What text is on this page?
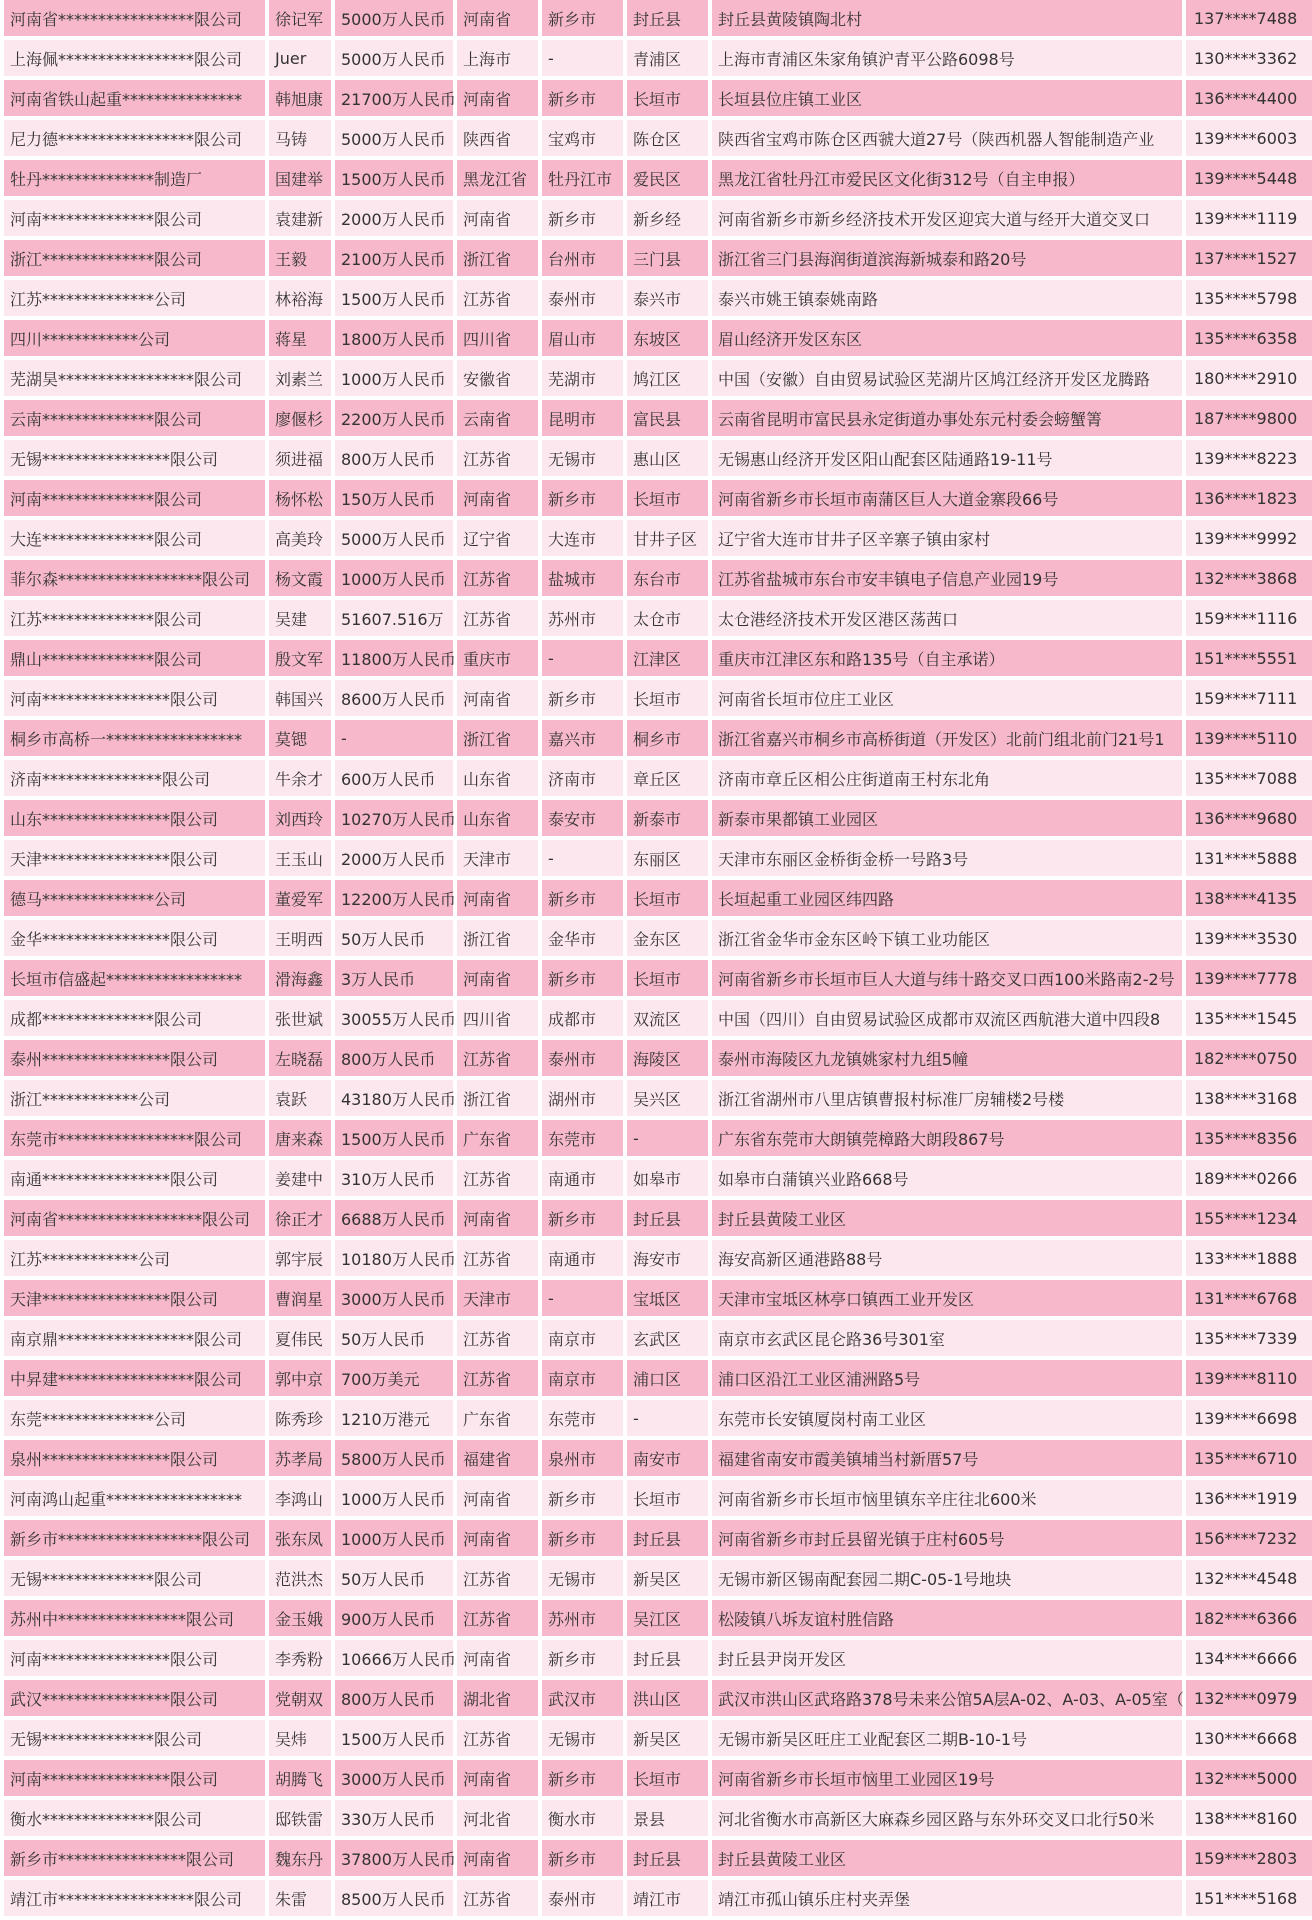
河南省*****************限公司	徐记军	5000万人民币	河南省	新乡市	封丘县	封丘县黄陵镇陶北村	137****7488
上海佩*****************限公司	Juer	5000万人民币	上海市	-	青浦区	上海市青浦区朱家角镇沪青平公路6098号	130****3362
河南省铁山起重***************	韩旭康	21700万人民币 河南省	新乡市	长垣市	长垣县位庄镇工业区	136****4400
尼力德*****************限公司	马铸	5000万人民币	陕西省	宝鸡市	陈仓区	陕西省宝鸡市陈仓区西虢大道27号（陕西机器人智能制造产业	139****6003
牡丹**************制造厂	国建举	1500万人民币	黑龙江省	牡丹江市	爱民区	黑龙江省牡丹江市爱民区文化街312号（自主申报）	139****5448
河南**************限公司	袁建新	2000万人民币	河南省	新乡市	新乡经	河南省新乡市新乡经济技术开发区迎宾大道与经开大道交叉口	139****1119
浙江**************限公司	王毅	2100万人民币	浙江省	台州市	三门县	浙江省三门县海润街道滨海新城泰和路20号	137****1527
江苏**************公司	林裕海	1500万人民币	江苏省	泰州市	泰兴市	泰兴市姚王镇泰姚南路	135****5798
四川************公司	蒋星	1800万人民币	四川省	眉山市	东坡区	眉山经济开发区东区	135****6358
芜湖昊*****************限公司	刘素兰	1000万人民币	安徽省	芜湖市	鸠江区	中国（安徽）自由贸易试验区芜湖片区鸠江经济开发区龙腾路	180****2910
云南**************限公司	廖偃杉	2200万人民币	云南省	昆明市	富民县	云南省昆明市富民县永定街道办事处东元村委会螃蟹箐	187****9800
无锡****************限公司	须进福	800万人民币	江苏省	无锡市	惠山区	无锡惠山经济开发区阳山配套区陆通路19-11号	139****8223
河南**************限公司	杨怀松	150万人民币	河南省	新乡市	长垣市	河南省新乡市长垣市南蒲区巨人大道金寨段66号	136****1823
大连**************限公司	高美玲	5000万人民币	辽宁省	大连市	甘井子区	辽宁省大连市甘井子区辛寨子镇由家村	139****9992
菲尔森******************限公司	杨文霞	1000万人民币	江苏省	盐城市	东台市	江苏省盐城市东台市安丰镇电子信息产业园19号	132****3868
江苏**************限公司	吴建	51607.516万	江苏省	苏州市	太仓市	太仓港经济技术开发区港区荡茜口	159****1116
鼎山**************限公司	殷文军	11800万人民币 重庆市	-	江津区	重庆市江津区东和路135号（自主承诺）	151****5551
河南****************限公司	韩国兴	8600万人民币	河南省	新乡市	长垣市	河南省长垣市位庄工业区	159****7111
桐乡市高桥一*****************	莫锶	-	浙江省	嘉兴市	桐乡市	浙江省嘉兴市桐乡市高桥街道（开发区）北前门组北前门21号1	139****5110
济南***************限公司	牛余才	600万人民币	山东省	济南市	章丘区	济南市章丘区相公庄街道南王村东北角	135****7088
山东****************限公司	刘西玲	10270万人民币 山东省	泰安市	新泰市	新泰市果都镇工业园区	136****9680
天津****************限公司	王玉山	2000万人民币	天津市	-	东丽区	天津市东丽区金桥街金桥一号路3号	131****5888
德马**************公司	董爱军	12200万人民币 河南省	新乡市	长垣市	长垣起重工业园区纬四路	138****4135
金华****************限公司	王明西	50万人民币	浙江省	金华市	金东区	浙江省金华市金东区岭下镇工业功能区	139****3530
长垣市信盛起*****************	滑海鑫	3万人民币	河南省	新乡市	长垣市	河南省新乡市长垣市巨人大道与纬十路交叉口西100米路南2-2号	139****7778
成都**************限公司	张世斌	30055万人民币 四川省	成都市	双流区	中国（四川）自由贸易试验区成都市双流区西航港大道中四段8	135****1545
泰州****************限公司	左晓磊	800万人民币	江苏省	泰州市	海陵区	泰州市海陵区九龙镇姚家村九组5幢	182****0750
浙江************公司	袁跃	43180万人民币 浙江省	湖州市	吴兴区	浙江省湖州市八里店镇曹报村标准厂房辅楼2号楼	138****3168
东莞市*****************限公司	唐来森	1500万人民币	广东省	东莞市	-	广东省东莞市大朗镇莞樟路大朗段867号	135****8356
南通****************限公司	姜建中	310万人民币	江苏省	南通市	如皋市	如皋市白蒲镇兴业路668号	189****0266
河南省******************限公司	徐正才	6688万人民币	河南省	新乡市	封丘县	封丘县黄陵工业区	155****1234
江苏************公司	郭宇辰	10180万人民币 江苏省	南通市	海安市	海安高新区通港路88号	133****1888
天津****************限公司	曹润星	3000万人民币	天津市	-	宝坻区	天津市宝坻区林亭口镇西工业开发区	131****6768
南京鼎*****************限公司	夏伟民	50万人民币	江苏省	南京市	玄武区	南京市玄武区昆仑路36号301室	135****7339
中昇建*****************限公司	郭中京	700万美元	江苏省	南京市	浦口区	浦口区沿江工业区浦洲路5号	139****8110
东莞**************公司	陈秀珍	1210万港元	广东省	东莞市	-	东莞市长安镇厦岗村南工业区	139****6698
泉州****************限公司	苏孝局	5800万人民币	福建省	泉州市	南安市	福建省南安市霞美镇埔当村新厝57号	135****6710
河南鸿山起重*****************	李鸿山	1000万人民币	河南省	新乡市	长垣市	河南省新乡市长垣市恼里镇东辛庄往北600米	136****1919
新乡市******************限公司	张东凤	1000万人民币	河南省	新乡市	封丘县	河南省新乡市封丘县留光镇于庄村605号	156****7232
无锡**************限公司	范洪杰	50万人民币	江苏省	无锡市	新吴区	无锡市新区锡南配套园二期C-05-1号地块	132****4548
苏州中****************限公司	金玉娥	900万人民币	江苏省	苏州市	吴江区	松陵镇八坼友谊村胜信路	182****6366
河南****************限公司	李秀粉	10666万人民币 河南省	新乡市	封丘县	封丘县尹岗开发区	134****6666
武汉****************限公司	党朝双	800万人民币	湖北省	武汉市	洪山区	武汉市洪山区武珞路378号未来公馆5A层A-02、A-03、A-05室（ 132****0979
无锡**************限公司	吴炜	1500万人民币	江苏省	无锡市	新吴区	无锡市新吴区旺庄工业配套区二期B-10-1号	130****6668
河南****************限公司	胡腾飞	3000万人民币	河南省	新乡市	长垣市	河南省新乡市长垣市恼里工业园区19号	132****5000
衡水**************限公司	邸铁雷	330万人民币	河北省	衡水市	景县	河北省衡水市高新区大麻森乡园区路与东外环交叉口北行50米	138****8160
新乡市****************限公司	魏东丹	37800万人民币 河南省	新乡市	封丘县	封丘县黄陵工业区	159****2803
靖江市*****************限公司	朱雷	8500万人民币	江苏省	泰州市	靖江市	靖江市孤山镇乐庄村夹弄堡	151****5168
